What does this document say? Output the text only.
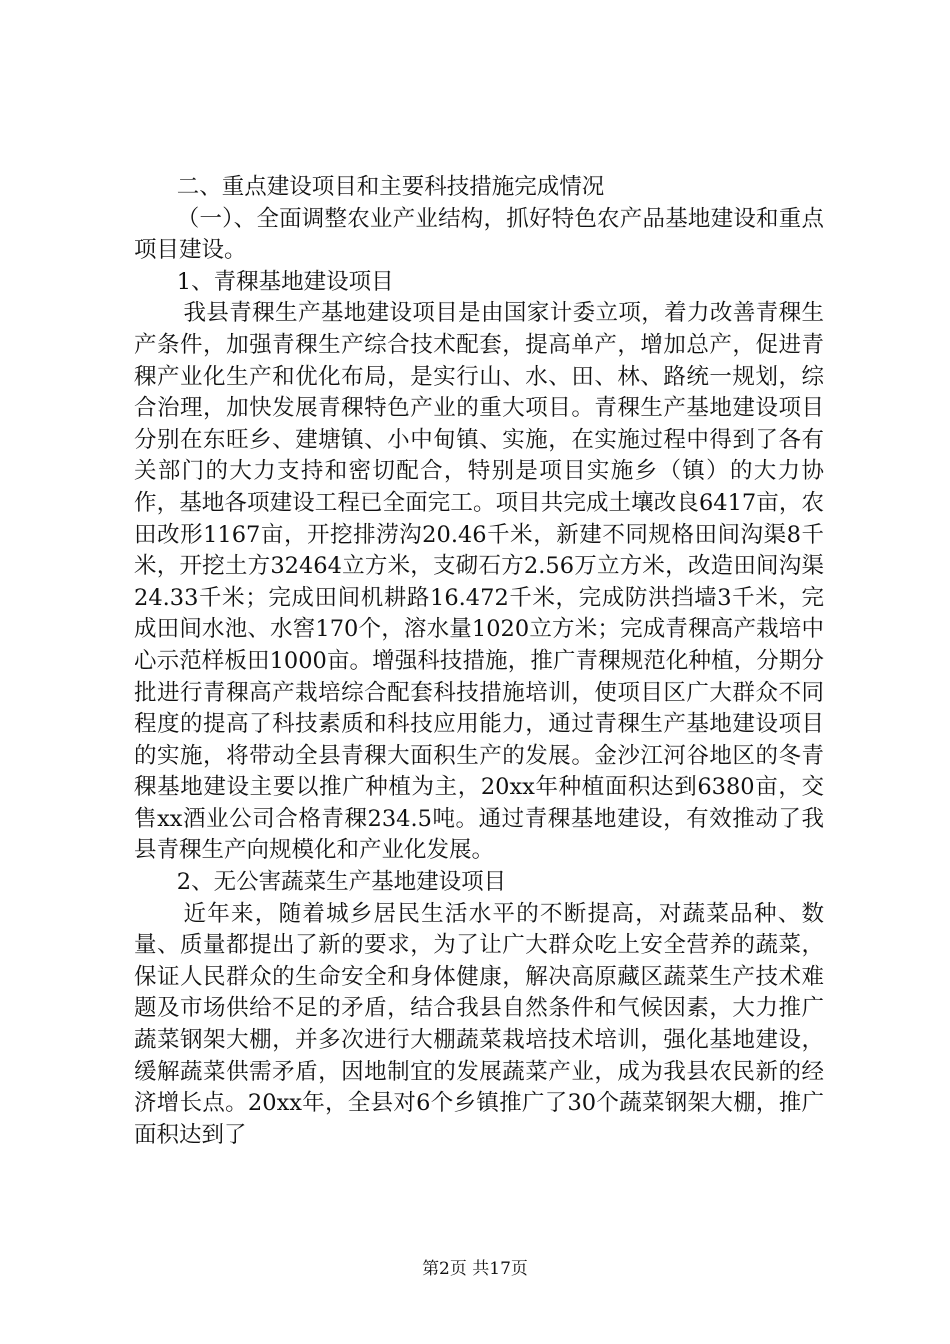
二、重点建设项目和主要科技措施完成情况

（一）、全面调整农业产业结构，抓好特色农产品基地建设和重点项目建设。

1、青稞基地建设项目

我县青稞生产基地建设项目是由国家计委立项，着力改善青稞生产条件，加强青稞生产综合技术配套，提高单产，增加总产，促进青稞产业化生产和优化布局，是实行山、水、田、林、路统一规划，综合治理，加快发展青稞特色产业的重大项目。青稞生产基地建设项目分别在东旺乡、建塘镇、小中甸镇、实施，在实施过程中得到了各有关部门的大力支持和密切配合，特别是项目实施乡（镇）的大力协作，基地各项建设工程已全面完工。项目共完成土壤改良6417亩，农田改形1167亩，开挖排涝沟20.46千米，新建不同规格田间沟渠8千米，开挖土方32464立方米，支砌石方2.56万立方米，改造田间沟渠24.33千米；完成田间机耕路16.472千米，完成防洪挡墙3千米，完成田间水池、水窖170个，溶水量1020立方米；完成青稞高产栽培中心示范样板田1000亩。增强科技措施，推广青稞规范化种植，分期分批进行青稞高产栽培综合配套科技措施培训，使项目区广大群众不同程度的提高了科技素质和科技应用能力，通过青稞生产基地建设项目的实施，将带动全县青稞大面积生产的发展。金沙江河谷地区的冬青稞基地建设主要以推广种植为主，20xx年种植面积达到6380亩，交售xx酒业公司合格青稞234.5吨。通过青稞基地建设，有效推动了我县青稞生产向规模化和产业化发展。

2、无公害蔬菜生产基地建设项目

近年来，随着城乡居民生活水平的不断提高，对蔬菜品种、数量、质量都提出了新的要求，为了让广大群众吃上安全营养的蔬菜，保证人民群众的生命安全和身体健康，解决高原藏区蔬菜生产技术难题及市场供给不足的矛盾，结合我县自然条件和气候因素，大力推广蔬菜钢架大棚，并多次进行大棚蔬菜栽培技术培训，强化基地建设，缓解蔬菜供需矛盾，因地制宜的发展蔬菜产业，成为我县农民新的经济增长点。20xx年，全县对6个乡镇推广了30个蔬菜钢架大棚，推广面积达到了

第2页 共17页
